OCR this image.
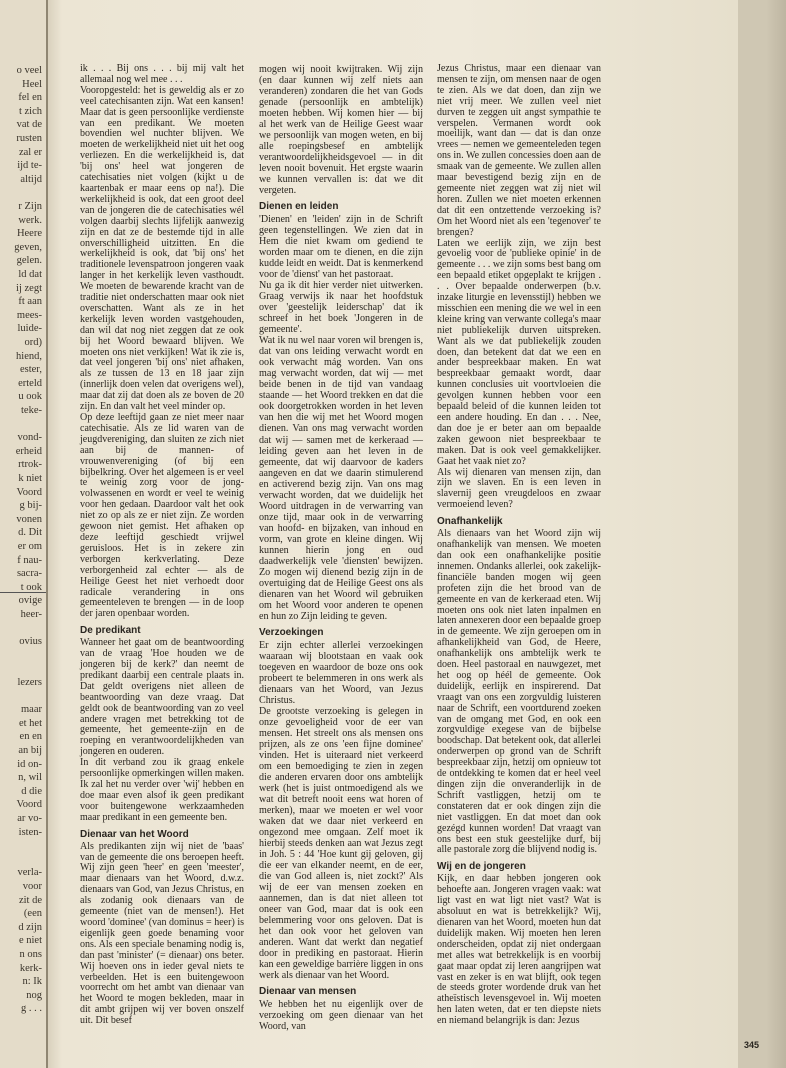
o veel
Heel
fel en
t zich
vat de
rusten
zal er
ijd te-
altijd
r Zijn
werk.
Heere
geven,
gelen.
ld dat
ij zegt
ft aan
mees-
luide-
ord)
hiend,
ester,
erteld
u ook
teke-
vond-
erheid
rtrok-
k niet
Voord
g bij-
vonen
d. Dit
er om
f nau-
sacra-
t ook
ovige
heer-
ovius
lezers
maar
et het
en en
an bij
id on-
n, wil
d die
Voord
ar vo-
isten-
verla-
voor
zit de
(een
d zijn
e niet
n ons
kerk-
n: Ik
nog
g . . .

ik . . . Bij ons . . . bij mij valt het allemaal nog wel mee . . .

Vooropgesteld: het is geweldig als er zo veel catechisanten zijn. Wat een kansen! Maar dat is geen persoonlijke verdienste van een predikant. We moeten bovendien wel nuchter blijven. We moeten de werkelijkheid niet uit het oog verliezen. En die werkelijkheid is, dat 'bij ons' heel wat jongeren de catechisaties niet volgen (kijkt u de kaartenbak er maar eens op na!). Die werkelijkheid is ook, dat een groot deel van de jongeren die de catechisaties wél volgen daarbij slechts lijfelijk aanwezig zijn en dat ze de bestemde tijd in alle onverschilligheid uitzitten. En die werkelijkheid is ook, dat 'bij ons' het traditionele levenspatroon jongeren vaak langer in het kerkelijk leven vasthoudt. We moeten de bewarende kracht van de traditie niet onderschatten maar ook niet overschatten. Want als ze in het kerkelijk leven worden vastgehouden, dan wil dat nog niet zeggen dat ze ook bij het Woord bewaard blijven. We moeten ons niet verkijken! Wat ik zie is, dat veel jongeren 'bij ons' niet afhaken, als ze tussen de 13 en 18 jaar zijn (innerlijk doen velen dat overigens wel), maar dat zij dat doen als ze boven de 20 zijn. En dan valt het veel minder op.

Op deze leeftijd gaan ze niet meer naar catechisatie. Als ze lid waren van de jeugdvereniging, dan sluiten ze zich niet aan bij de mannen- of vrouwenvereniging (of bij een bijbelkring. Over het algemeen is er veel te weinig zorg voor de jong-volwassenen en wordt er veel te weinig voor hen gedaan. Daardoor valt het ook niet zo op als ze er niet zijn. Ze worden gewoon niet gemist. Het afhaken op deze leeftijd geschiedt vrijwel geruisloos. Het is in zekere zin verborgen kerkverlating. Deze verborgenheid zal echter — als de Heilige Geest het niet verhoedt door radicale verandering in ons gemeenteleven te brengen — in de loop der jaren openbaar worden.

De predikant

Wanneer het gaat om de beantwoording van de vraag 'Hoe houden we de jongeren bij de kerk?' dan neemt de predikant daarbij een centrale plaats in. Dat geldt overigens niet alleen de beantwoording van deze vraag. Dat geldt ook de beantwoording van zo veel andere vragen met betrekking tot de gemeente, het gemeente-zijn en de roeping en verantwoordelijkheden van jongeren en ouderen.

In dit verband zou ik graag enkele persoonlijke opmerkingen willen maken. Ik zal het nu verder over 'wij' hebben en doe maar even alsof ik geen predikant voor buitengewone werkzaamheden maar predikant in een gemeente ben.

Dienaar van het Woord

Als predikanten zijn wij niet de 'baas' van de gemeente die ons beroepen heeft. Wij zijn geen 'heer' en geen 'meester', maar dienaars van het Woord, d.w.z. dienaars van God, van Jezus Christus, en als zodanig ook dienaars van de gemeente (niet van de mensen!). Het woord 'dominee' (van dominus = heer) is eigenlijk geen goede benaming voor ons. Als een speciale benaming nodig is, dan past 'minister' (= dienaar) ons beter. Wij hoeven ons in ieder geval niets te verbeelden. Het is een buitengewoon voorrecht om het ambt van dienaar van het Woord te mogen bekleden, maar in dit ambt grijpen wij ver boven onszelf uit. Dit besef

mogen wij nooit kwijtraken. Wij zijn (en daar kunnen wij zelf niets aan veranderen) zondaren die het van Gods genade (persoonlijk en ambtelijk) moeten hebben. Wij komen hier — bij al het werk van de Heilige Geest waar we persoonlijk van mogen weten, en bij alle roepingsbesef en ambtelijk verantwoordelijkheidsgevoel — in dit leven nooit bovenuit. Het ergste waarin we kunnen vervallen is: dat we dit vergeten.

Dienen en leiden

'Dienen' en 'leiden' zijn in de Schrift geen tegenstellingen. We zien dat in Hem die niet kwam om gediend te worden maar om te dienen, en die zijn kudde leidt en weidt. Dat is kenmerkend voor de 'dienst' van het pastoraat.

Nu ga ik dit hier verder niet uitwerken. Graag verwijs ik naar het hoofdstuk over 'geestelijk leiderschap' dat ik schreef in het boek 'Jongeren in de gemeente'.

Wat ik nu wel naar voren wil brengen is, dat van ons leiding verwacht wordt en ook verwacht mág worden. Van ons mag verwacht worden, dat wij — met beide benen in de tijd van vandaag staande — het Woord trekken en dat die ook doorgetrokken worden in het leven van hen die wij met het Woord mogen dienen. Van ons mag verwacht worden dat wij — samen met de kerkeraad — leiding geven aan het leven in de gemeente, dat wij daarvoor de kaders aangeven en dat we daarin stimulerend en activerend bezig zijn. Van ons mag verwacht worden, dat we duidelijk het Woord uitdragen in de verwarring van onze tijd, maar ook in de verwarring van hoofd- en bijzaken, van inhoud en vorm, van grote en kleine dingen. Wij kunnen hierin jong en oud daadwerkelijk vele 'diensten' bewijzen. Zo mogen wij dienend bezig zijn in de overtuiging dat de Heilige Geest ons als dienaren van het Woord wil gebruiken om het Woord voor anderen te openen en hun zo Zijn leiding te geven.

Verzoekingen

Er zijn echter allerlei verzoekingen waaraan wij blootstaan en vaak ook toegeven en waardoor de boze ons ook probeert te belemmeren in ons werk als dienaars van het Woord, van Jezus Christus.

De grootste verzoeking is gelegen in onze gevoeligheid voor de eer van mensen. Het streelt ons als mensen ons prijzen, als ze ons 'een fijne dominee' vinden. Het is uiteraard niet verkeerd om een bemoediging te zien in zegen die anderen ervaren door ons ambtelijk werk (het is juist ontmoedigend als we wat dit betreft nooit eens wat horen of merken), maar we moeten er wel voor waken dat we daar niet verkeerd en ongezond mee omgaan. Zelf moet ik hierbij steeds denken aan wat Jezus zegt in Joh. 5 : 44 'Hoe kunt gij geloven, gij die eer van elkander neemt, en de eer, die van God alleen is, niet zockt?' Als wij de eer van mensen zoeken en aannemen, dan is dat niet alleen tot oneer van God, maar dat is ook een belemmering voor ons geloven. Dat is het dan ook voor het geloven van anderen. Want dat werkt dan negatief door in prediking en pastoraat. Hierin kan een geweldige barrière liggen in ons werk als dienaar van het Woord.

Dienaar van mensen

We hebben het nu eigenlijk over de verzoeking om geen dienaar van het Woord, van

Jezus Christus, maar een dienaar van mensen te zijn, om mensen naar de ogen te zien. Als we dat doen, dan zijn we niet vrij meer. We zullen veel niet durven te zeggen uit angst sympathie te verspelen. Vermanen wordt ook moeilijk, want dan — dat is dan onze vrees — nemen we gemeenteleden tegen ons in. We zullen concessies doen aan de smaak van de gemeente. We zullen allen maar bevestigend bezig zijn en de gemeente niet zeggen wat zij niet wil horen. Zullen we niet moeten erkennen dat dit een ontzettende verzoeking is? Om het Woord niet als een 'tegenover' te brengen?

Laten we eerlijk zijn, we zijn best gevoelig voor de 'publieke opinie' in de gemeente . . . we zijn soms best bang om een bepaald etiket opgeplakt te krijgen . . . Over bepaalde onderwerpen (b.v. inzake liturgie en levensstijl) hebben we misschien een mening die we wel in een kleine kring van verwante collega's maar niet publiekelijk durven uitspreken. Want als we dat publiekelijk zouden doen, dan betekent dat dat we een en ander bespreekbaar maken. En wat bespreekbaar gemaakt wordt, daar kunnen conclusies uit voortvloeien die gevolgen kunnen hebben voor een bepaald beleid of die kunnen leiden tot een andere houding. En dan . . . Nee, dan doe je er beter aan om bepaalde zaken gewoon niet bespreekbaar te maken. Dat is ook veel gemakkelijker. Gaat het vaak niet zo?

Als wij dienaren van mensen zijn, dan zijn we slaven. En is een leven in slavernij geen vreugdeloos en zwaar vermoeiend leven?

Onafhankelijk

Als dienaars van het Woord zijn wij onafhankelijk van mensen. We moeten dan ook een onafhankelijke positie innemen. Ondanks allerlei, ook zakelijk-financiële banden mogen wij geen profeten zijn die het brood van de gemeente en van de kerkeraad eten. Wij moeten ons ook niet laten inpalmen en laten annexeren door een bepaalde groep in de gemeente. We zijn geroepen om in afhankelijkheid van God, de Heere, onafhankelijk ons ambtelijk werk te doen. Heel pastoraal en nauwgezet, met het oog op héél de gemeente. Ook duidelijk, eerlijk en inspirerend. Dat vraagt van ons een zorgvuldig luisteren naar de Schrift, een voortdurend zoeken van de omgang met God, en ook een zorgvuldige exegese van de bijbelse boodschap. Dat betekent ook, dat allerlei onderwerpen op grond van de Schrift bespreekbaar zijn, hetzij om opnieuw tot de ontdekking te komen dat er heel veel dingen zijn die onveranderlijk in de Schrift vastliggen, hetzij om te constateren dat er ook dingen zijn die niet vastliggen. En dat moet dan ook gezégd kunnen worden! Dat vraagt van ons best een stuk geestelijke durf, bij alle pastorale zorg die blijvend nodig is.

Wij en de jongeren

Kijk, en daar hebben jongeren ook behoefte aan. Jongeren vragen vaak: wat ligt vast en wat ligt niet vast? Wat is absoluut en wat is betrekkelijk? Wij, dienaren van het Woord, moeten hun dat duidelijk maken. Wij moeten hen leren onderscheiden, opdat zij niet ondergaan met alles wat betrekkelijk is en voorbij gaat maar opdat zij leren aangrijpen wat vast en zeker is en wat blijft, ook tegen de steeds groter wordende druk van het atheïstisch levensgevoel in. Wij moeten hen laten weten, dat er ten diepste niets en niemand belangrijk is dan: Jezus

345
